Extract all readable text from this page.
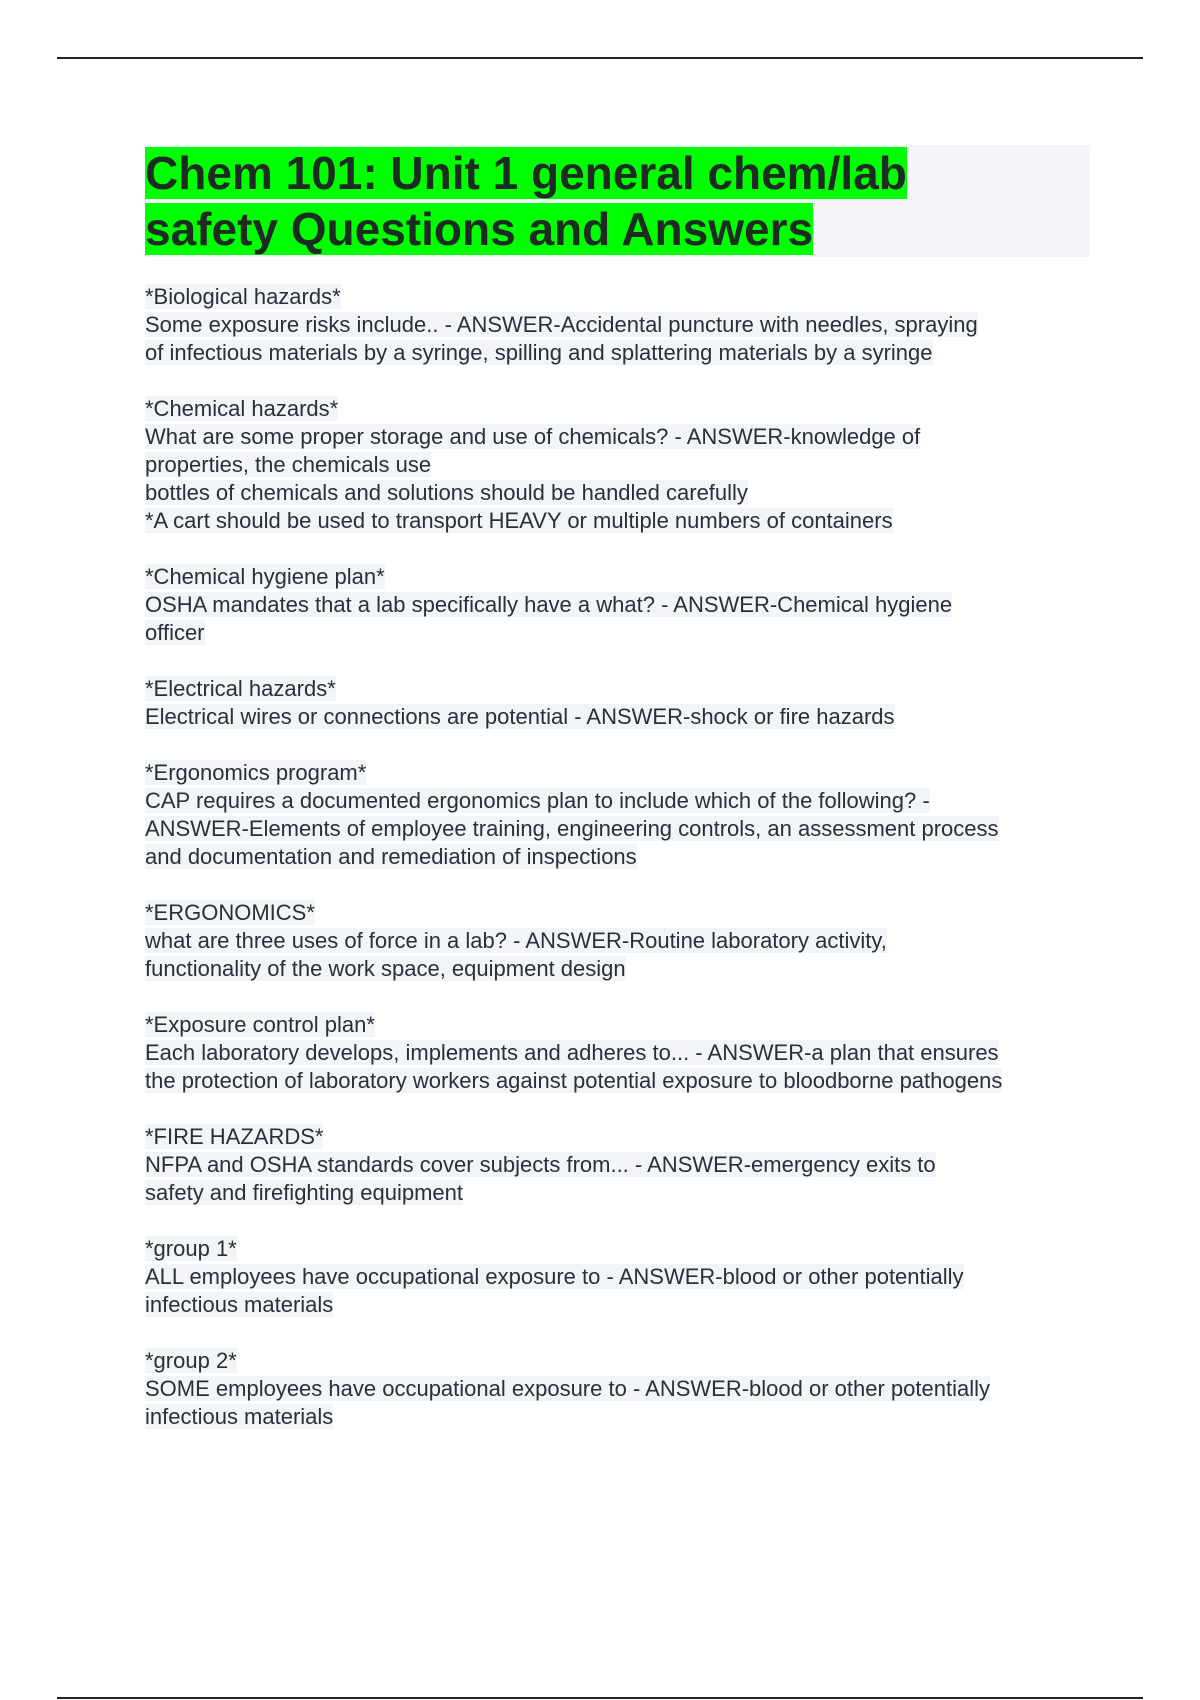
Chem 101: Unit 1 general chem/lab
safety Questions and Answers
*Biological hazards*
Some exposure risks include.. - ANSWER-Accidental puncture with needles, spraying
of infectious materials by a syringe, spilling and splattering materials by a syringe
*Chemical hazards*
What are some proper storage and use of chemicals? - ANSWER-knowledge of
properties, the chemicals use
bottles of chemicals and solutions should be handled carefully
*A cart should be used to transport HEAVY or multiple numbers of containers
*Chemical hygiene plan*
OSHA mandates that a lab specifically have a what? - ANSWER-Chemical hygiene
officer
*Electrical hazards*
Electrical wires or connections are potential - ANSWER-shock or fire hazards
*Ergonomics program*
CAP requires a documented ergonomics plan to include which of the following? -
ANSWER-Elements of employee training, engineering controls, an assessment process
and documentation and remediation of inspections
*ERGONOMICS*
what are three uses of force in a lab? - ANSWER-Routine laboratory activity,
functionality of the work space, equipment design
*Exposure control plan*
Each laboratory develops, implements and adheres to... - ANSWER-a plan that ensures
the protection of laboratory workers against potential exposure to bloodborne pathogens
*FIRE HAZARDS*
NFPA and OSHA standards cover subjects from... - ANSWER-emergency exits to
safety and firefighting equipment
*group 1*
ALL employees have occupational exposure to - ANSWER-blood or other potentially
infectious materials
*group 2*
SOME employees have occupational exposure to - ANSWER-blood or other potentially
infectious materials
